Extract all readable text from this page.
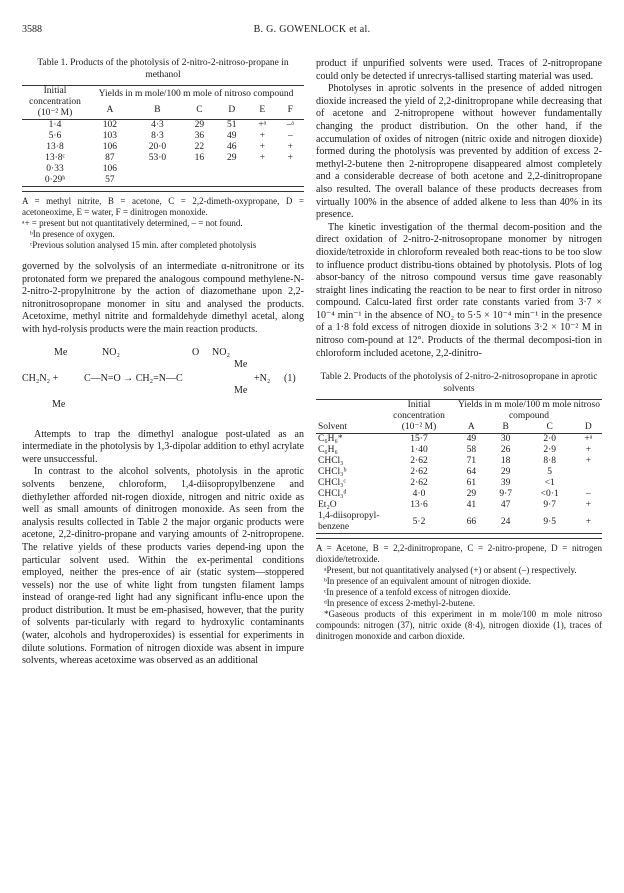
3588	B. G. GOWENLOCK et al.
Table 1. Products of the photolysis of 2-nitro-2-nitroso-propane in methanol
Initial concentration (10⁻² M)	Yields in m mole/100 m mole of nitroso compound					
	A	B	C	D	E	F
1·4	102	4·3	29	51	+ᵃ	–ᵃ
5·6	103	8·3	36	49	+	–
13·8	106	20·0	22	46	+	+
13·8ᶜ	87	53·0	16	29	+	+
0·33	106					
0·29ᵇ	57					
A = methyl nitrite, B = acetone, C = 2,2-dimeth-oxypropane, D = acetoneoxime, E = water, F = dinitrogen monoxide.
ᵃ+ = present but not quantitatively determined, – = not found.
ᵇIn presence of oxygen.
ᶜPrevious solution analysed 15 min. after completed photolysis

governed by the solvolysis of an intermediate α-nitronitrone or its protonated form we prepared the analogous compound methylene-N-2-nitro-2-propylnitrone by the action of diazomethane upon 2,2-nitronitrosopropane monomer in situ and analysed the products. Acetoxime, methyl nitrite and formaldehyde dimethyl acetal, along with hyd-rolysis products were the main reaction products.

Me	NO₂	O NO₂
Me
CH₂N₂ +	C—N=O → CH₂=N—C	+N₂ (1)
Me
Me

Attempts to trap the dimethyl analogue post-ulated as an intermediate in the photolysis by 1,3-dipolar addition to ethyl acrylate were unsuccessful.

In contrast to the alcohol solvents, photolysis in the aprotic solvents benzene, chloroform, 1,4-diisopropylbenzene and diethylether afforded nit-rogen dioxide, nitrogen and nitric oxide as well as small amounts of dinitrogen monoxide. As seen from the analysis results collected in Table 2 the major organic products were acetone, 2,2-dinitro-propane and varying amounts of 2-nitropropene. The relative yields of these products varies depend-ing upon the particular solvent used. Within the ex-perimental conditions employed, neither the pres-ence of air (static system—stoppered vessels) nor the use of white light from tungsten filament lamps instead of orange-red light had any significant influ-ence upon the product distribution. It must be em-phasised, however, that the purity of solvents par-ticularly with regard to hydroxylic contaminants (water, alcohols and hydroperoxides) is essential for experiments in dilute solutions. Formation of nitrogen dioxide was absent in impure solvents, whereas acetoxime was observed as an additional

product if unpurified solvents were used. Traces of 2-nitropropane could only be detected if unrecrys-tallised starting material was used.

Photolyses in aprotic solvents in the presence of added nitrogen dioxide increased the yield of 2,2-dinitropropane while decreasing that of acetone and 2-nitropropene without however fundamentally changing the product distribution. On the other hand, if the accumulation of oxides of nitrogen (nitric oxide and nitrogen dioxide) formed during the photolysis was prevented by addition of excess 2-methyl-2-butene then 2-nitropropene disappeared almost completely and a considerable decrease of both acetone and 2,2-dinitropropane also resulted. The overall balance of these products decreases from virtually 100% in the absence of added alkene to less than 40% in its presence.

The kinetic investigation of the thermal decom-position and the direct oxidation of 2-nitro-2-nitrosopropane monomer by nitrogen dioxide/tetroxide in chloroform revealed both reac-tions to be too slow to influence product distribu-tions obtained by photolysis. Plots of log absor-bancy of the nitroso compound versus time gave reasonably straight lines indicating the reaction to be near to first order in nitroso compound. Calcu-lated first order rate constants varied from 3·7 × 10⁻⁴ min⁻¹ in the absence of NO₂ to 5·5 × 10⁻⁴ min⁻¹ in the presence of a 1·8 fold excess of nitrogen dioxide in solutions 3·2 × 10⁻² M in nitroso com-pound at 12°. Products of the thermal decomposi-tion in chloroform included acetone, 2,2-dinitro-

Table 2. Products of the photolysis of 2-nitro-2-nitrosopropane in aprotic solvents
Solvent	Initial concentration (10⁻² M)	Yields in m mole/100 m mole nitroso compound			
		A	B	C	D
C₆H₆*	15·7	49	30	2·0	+ᵃ
C₆H₆	1·40	58	26	2·9	+
CHCl₃	2·62	71	18	8·8	+
CHCl₃ᵇ	2·62	64	29	5	
CHCl₃ᶜ	2·62	61	39	<1	
CHCl₃ᵈ	4·0	29	9·7	<0·1	–
Et₂O	13·6	41	47	9·7	+
1,4-diisopropyl-benzene	5·2	66	24	9·5	+
A = Acetone, B = 2,2-dinitropropane, C = 2-nitro-propene, D = nitrogen dioxide/tetroxide.
ᵃPresent, but not quantitatively analysed (+) or absent (–) respectively.
ᵇIn presence of an equivalent amount of nitrogen dioxide.
ᶜIn presence of a tenfold excess of nitrogen dioxide.
ᵈIn presence of excess 2-methyl-2-butene.
*Gaseous products of this experiment in m mole/100 m mole nitroso compounds: nitrogen (37), nitric oxide (8·4), nitrogen dioxide (1), traces of dinitrogen monoxide and carbon dioxide.
